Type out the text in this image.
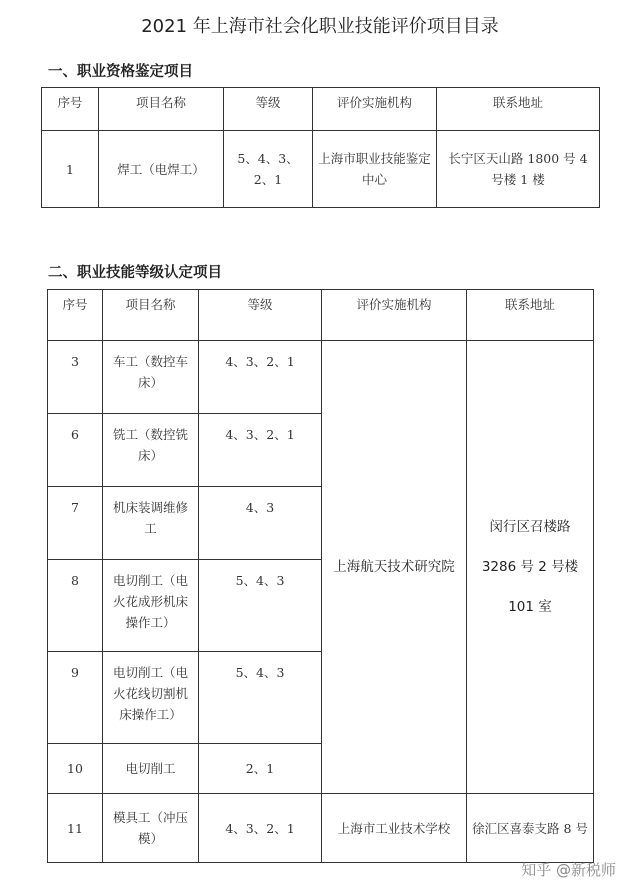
2021 年上海市社会化职业技能评价项目目录
一、职业资格鉴定项目
序号	项目名称	等级	评价实施机构	联系地址
1	焊工（电焊工）	5、4、3、2、1	上海市职业技能鉴定中心	长宁区天山路 1800 号 4 号楼 1 楼
二、职业技能等级认定项目
序号	项目名称	等级	评价实施机构	联系地址
3	车工（数控车床）	4、3、2、1	上海航天技术研究院	闵行区召楼路
3286 号 2 号楼
101 室

6	铣工（数控铣床）	4、3、2、1		
7	机床装调维修工	4、3		
8	电切削工（电火花成形机床操作工）	5、4、3		
9	电切削工（电火花线切割机床操作工）	5、4、3		
10	电切削工	2、1		
11	模具工（冲压模）	4、3、2、1	上海市工业技术学校	徐汇区喜泰支路 8 号
知乎 @新税师
